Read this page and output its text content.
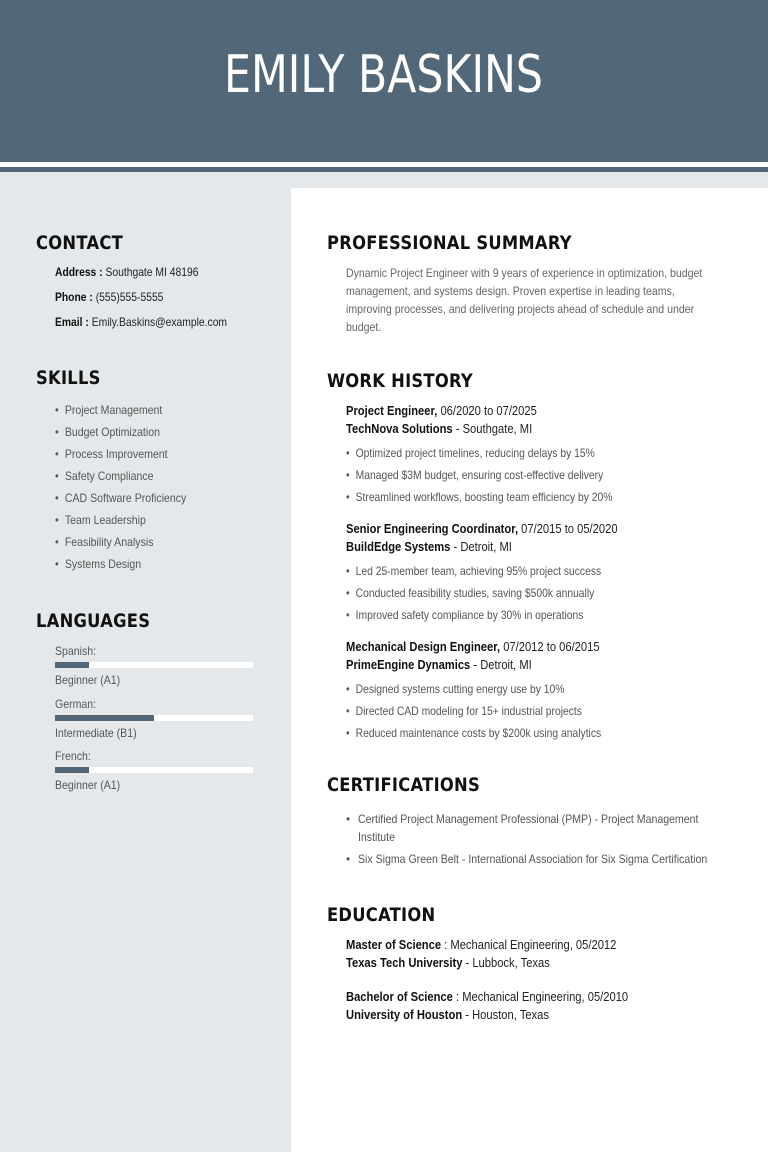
EMILY BASKINS
CONTACT
Address : Southgate MI 48196
Phone : (555)555-5555
Email : Emily.Baskins@example.com
SKILLS
• Project Management
• Budget Optimization
• Process Improvement
• Safety Compliance
• CAD Software Proficiency
• Team Leadership
• Feasibility Analysis
• Systems Design
LANGUAGES
Spanish:
Beginner (A1)
German:
Intermediate (B1)
French:
Beginner (A1)
PROFESSIONAL SUMMARY
Dynamic Project Engineer with 9 years of experience in optimization, budget
management, and systems design. Proven expertise in leading teams,
improving processes, and delivering projects ahead of schedule and under
budget.
WORK HISTORY
Project Engineer, 06/2020 to 07/2025
TechNova Solutions - Southgate, MI
• Optimized project timelines, reducing delays by 15%
• Managed $3M budget, ensuring cost-effective delivery
• Streamlined workflows, boosting team efficiency by 20%
Senior Engineering Coordinator, 07/2015 to 05/2020
BuildEdge Systems - Detroit, MI
• Led 25-member team, achieving 95% project success
• Conducted feasibility studies, saving $500k annually
• Improved safety compliance by 30% in operations
Mechanical Design Engineer, 07/2012 to 06/2015
PrimeEngine Dynamics - Detroit, MI
• Designed systems cutting energy use by 10%
• Directed CAD modeling for 15+ industrial projects
• Reduced maintenance costs by $200k using analytics
CERTIFICATIONS
• Certified Project Management Professional (PMP) - Project Management
Institute
• Six Sigma Green Belt - International Association for Six Sigma Certification
EDUCATION
Master of Science : Mechanical Engineering, 05/2012
Texas Tech University - Lubbock, Texas
Bachelor of Science : Mechanical Engineering, 05/2010
University of Houston - Houston, Texas
